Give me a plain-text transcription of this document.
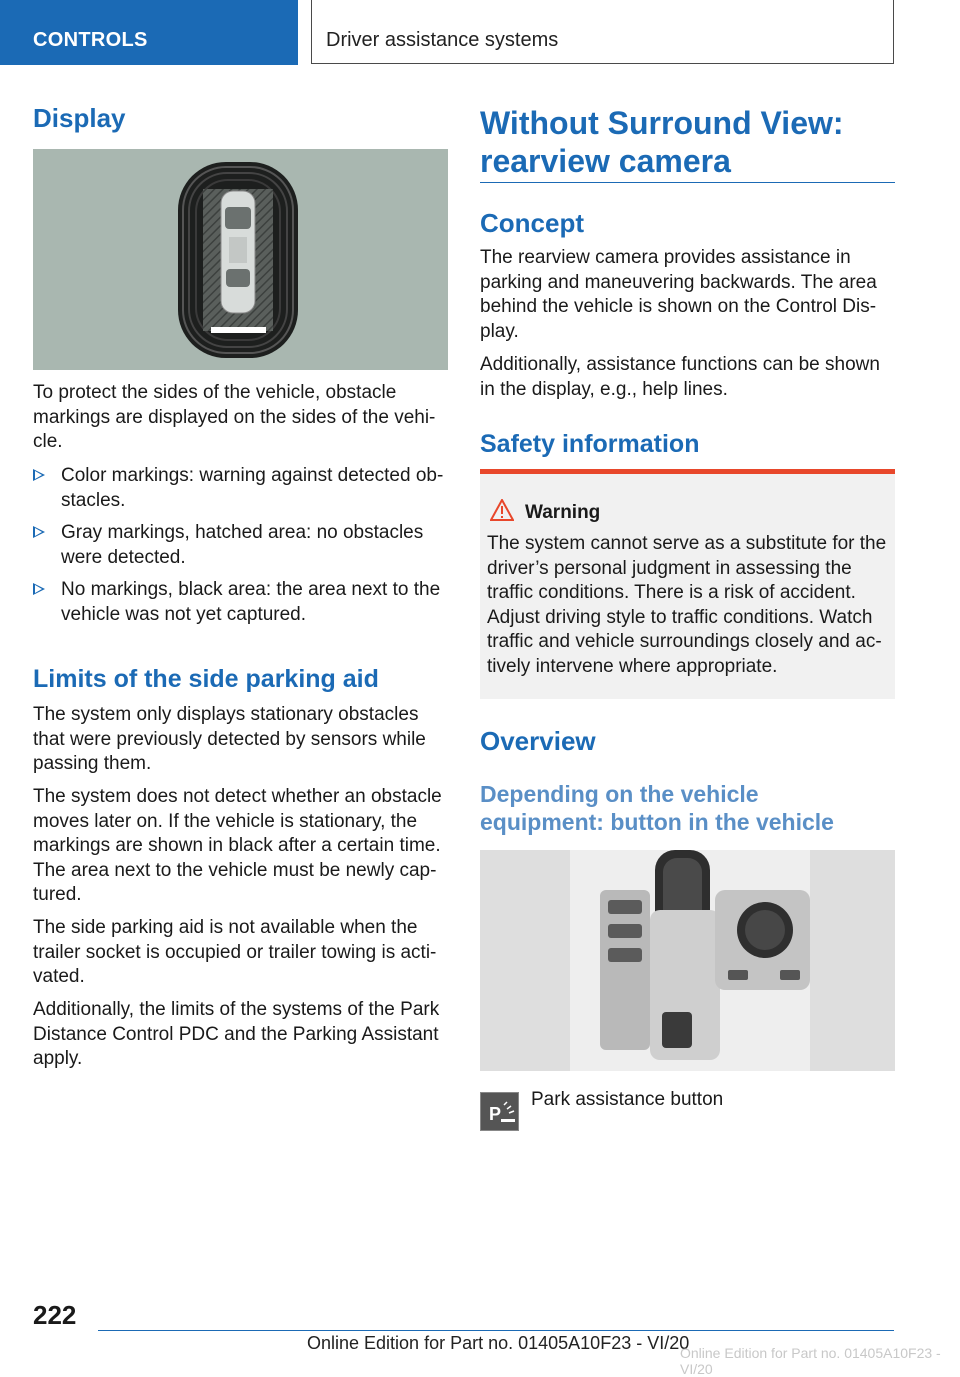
CONTROLS	Driver assistance systems
Display

To protect the sides of the vehicle, obstacle
markings are displayed on the sides of the vehi-
cle.

Color markings: warning against detected ob-
stacles.
Gray markings, hatched area: no obstacles
were detected.
No markings, black area: the area next to the
vehicle was not yet captured.
Limits of the side parking aid

The system only displays stationary obstacles
that were previously detected by sensors while
passing them.

The system does not detect whether an obstacle
moves later on. If the vehicle is stationary, the
markings are shown in black after a certain time.
The area next to the vehicle must be newly cap-
tured.

The side parking aid is not available when the
trailer socket is occupied or trailer towing is acti-
vated.

Additionally, the limits of the systems of the Park
Distance Control PDC and the Parking Assistant
apply.

Without Surround View:
rearview camera
Concept

The rearview camera provides assistance in
parking and maneuvering backwards. The area
behind the vehicle is shown on the Control Dis-
play.

Additionally, assistance functions can be shown
in the display, e.g., help lines.

Safety information
Warning

The system cannot serve as a substitute for the
driver’s personal judgment in assessing the
traffic conditions. There is a risk of accident.
Adjust driving style to traffic conditions. Watch
traffic and vehicle surroundings closely and ac-
tively intervene where appropriate.

Overview
Depending on the vehicle
equipment: button in the vehicle
P
Park assistance button
222
Online Edition for Part no. 01405A10F23 - VI/20
Online Edition for Part no. 01405A10F23 - VI/20
